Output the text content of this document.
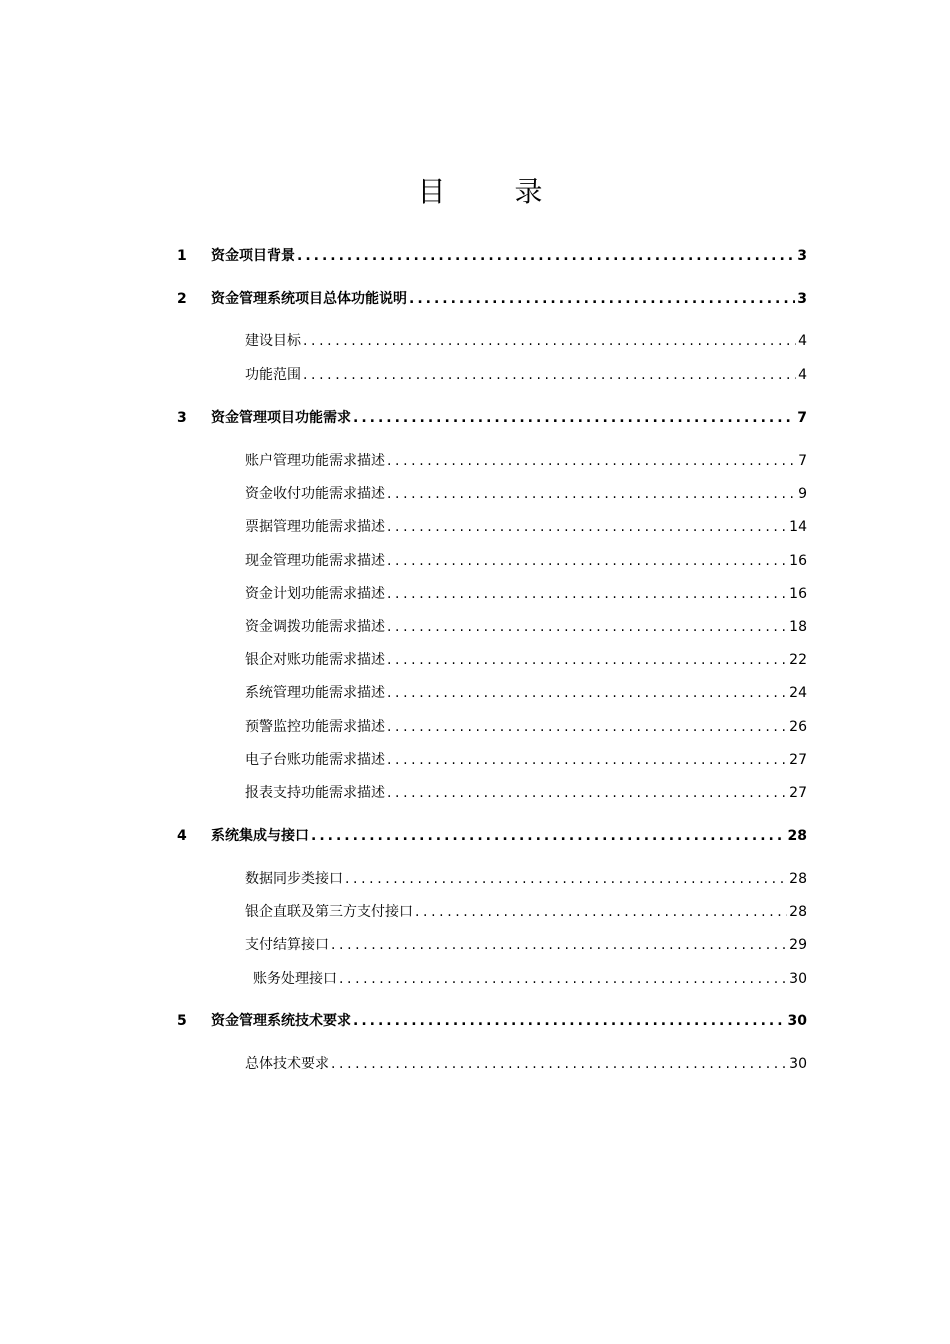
目 录
1	资金项目背景 .....	3
2	资金管理系统项目总体功能说明 .....	3
建设目标 .....	4
功能范围 .....	4
3	资金管理项目功能需求 .....	7
账户管理功能需求描述 .....	7
资金收付功能需求描述 .....	9
票据管理功能需求描述 .....	14
现金管理功能需求描述 .....	16
资金计划功能需求描述 .....	16
资金调拨功能需求描述 .....	18
银企对账功能需求描述 .....	22
系统管理功能需求描述 .....	24
预警监控功能需求描述 .....	26
电子台账功能需求描述 .....	27
报表支持功能需求描述 .....	27
4	系统集成与接口 .....	28
数据同步类接口 .....	28
银企直联及第三方支付接口 .....	28
支付结算接口 .....	29
账务处理接口 .....	30
5	资金管理系统技术要求 .....	30
总体技术要求 .....	30
